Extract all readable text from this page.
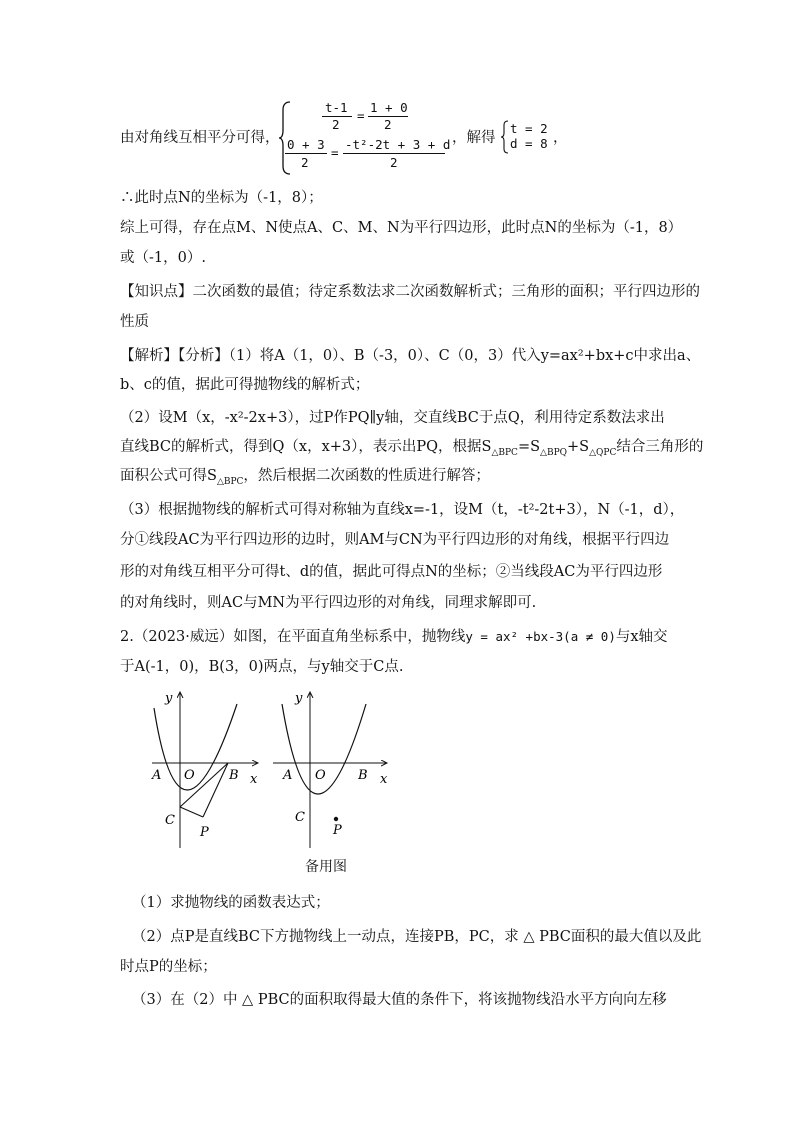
由对角线互相平分可得，
t-1
2
=
1 + 0
2
0 + 3
2
=
-t²-2t + 3 + d
2
，解得
t = 2
d = 8 ，
∴此时点N的坐标为（-1，8）；
综上可得，存在点M、N使点A、C、M、N为平行四边形，此时点N的坐标为（-1，8）
或（-1，0）.
【知识点】二次函数的最值；待定系数法求二次函数解析式；三角形的面积；平行四边形的
性质
【解析】【分析】（1）将A（1，0）、B（-3，0）、C（0，3）代入y=ax²+bx+c中求出a、
b、c的值，据此可得抛物线的解析式；
（2）设M（x，-x²-2x+3），过P作PQ∥y轴，交直线BC于点Q，利用待定系数法求出
直线BC的解析式，得到Q（x，x+3），表示出PQ，根据$S_{\triangle BPC}=S_{\triangle BPQ}+S_{\triangle QPC}$结合三角形的
面积公式可得$S_{\triangle BPC}$，然后根据二次函数的性质进行解答；
（3）根据抛物线的解析式可得对称轴为直线x=-1，设M（t，-t²-2t+3），N（-1，d），
分①线段AC为平行四边形的边时，则AM与CN为平行四边形的对角线，根据平行四边
形的对角线互相平分可得t、d的值，据此可得点N的坐标；②当线段AC为平行四边形
的对角线时，则AC与MN为平行四边形的对角线，同理求解即可.
2.（2023·威远）如图，在平面直角坐标系中，抛物线y = ax² +bx-3(a ≠ 0)与x轴交
于A(-1，0)，B(3，0)两点，与y轴交于C点.
A O	B x
y
C
P
A O B x
y
C
P
备用图
（1）求抛物线的函数表达式；
（2）点P是直线BC下方抛物线上一动点，连接PB，PC，求 △ PBC面积的最大值以及此
时点P的坐标；
（3）在（2）中 △ PBC的面积取得最大值的条件下，将该抛物线沿水平方向向左移
